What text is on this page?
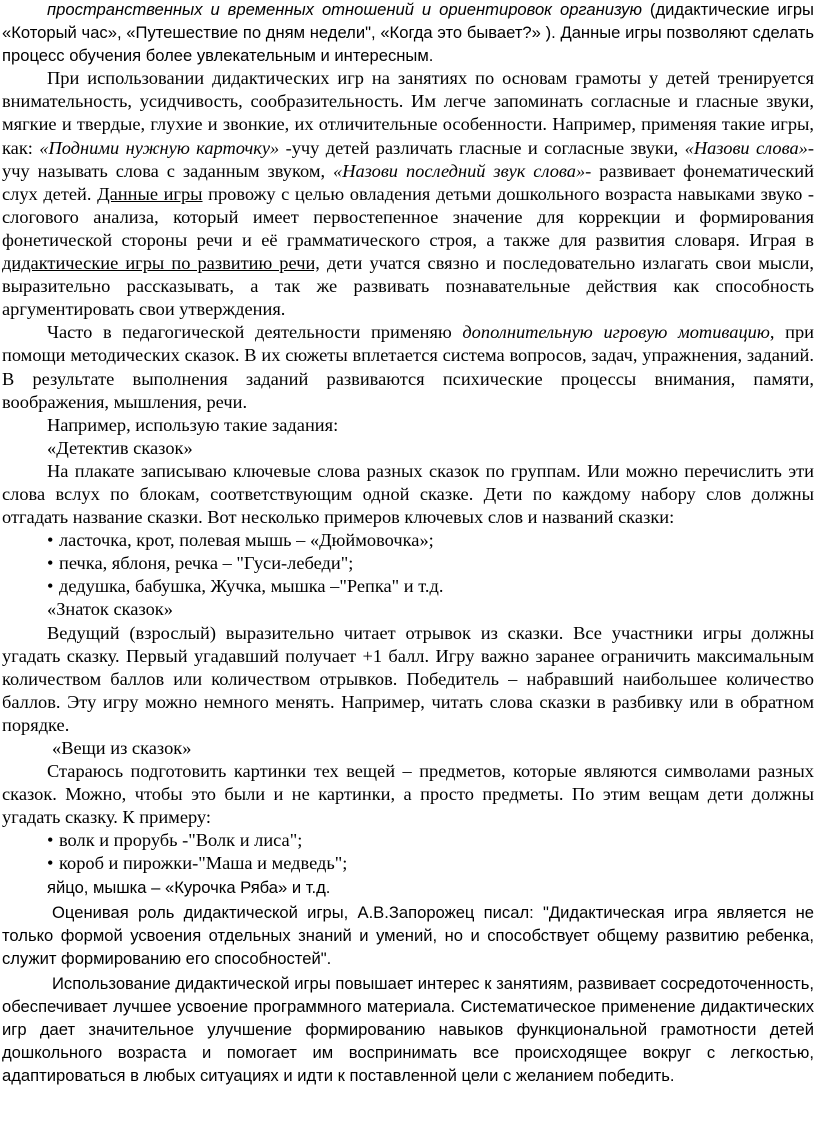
пространственных и временных отношений и ориентировок организую (дидактические игры «Который час», «Путешествие по дням недели", «Когда это бывает?» ). Данные игры позволяют сделать процесс обучения более увлекательным и интересным.

При использовании дидактических игр на занятиях по основам грамоты у детей тренируется внимательность, усидчивость, сообразительность. Им легче запоминать согласные и гласные звуки, мягкие и твердые, глухие и звонкие, их отличительные особенности. Например, применяя такие игры, как: «Подними нужную карточку» -учу детей различать гласные и согласные звуки, «Назови слова»- учу называть слова с заданным звуком, «Назови последний звук слова»- развивает фонематический слух детей. Данные игры провожу с целью овладения детьми дошкольного возраста навыками звуко - слогового анализа, который имеет первостепенное значение для коррекции и формирования фонетической стороны речи и её грамматического строя, а также для развития словаря. Играя в дидактические игры по развитию речи, дети учатся связно и последовательно излагать свои мысли, выразительно рассказывать, а так же развивать познавательные действия как способность аргументировать свои утверждения.

Часто в педагогической деятельности применяю дополнительную игровую мотивацию, при помощи методических сказок. В их сюжеты вплетается система вопросов, задач, упражнения, заданий. В результате выполнения заданий развиваются психические процессы внимания, памяти, воображения, мышления, речи.

Например, использую такие задания:

«Детектив сказок»

На плакате записываю ключевые слова разных сказок по группам. Или можно перечислить эти слова вслух по блокам, соответствующим одной сказке. Дети по каждому набору слов должны отгадать название сказки. Вот несколько примеров ключевых слов и названий сказки:

• ласточка, крот, полевая мышь – «Дюймовочка»;

• печка, яблоня, речка – "Гуси-лебеди";

• дедушка, бабушка, Жучка, мышка –"Репка" и т.д.

«Знаток сказок»

Ведущий (взрослый) выразительно читает отрывок из сказки. Все участники игры должны угадать сказку. Первый угадавший получает +1 балл. Игру важно заранее ограничить максимальным количеством баллов или количеством отрывков. Победитель – набравший наибольшее количество баллов. Эту игру можно немного менять. Например, читать слова сказки в разбивку или в обратном порядке.

«Вещи из сказок»

Стараюсь подготовить картинки тех вещей – предметов, которые являются символами разных сказок. Можно, чтобы это были и не картинки, а просто предметы. По этим вещам дети должны угадать сказку. К примеру:

• волк и прорубь -"Волк и лиса";

• короб и пирожки-"Маша и медведь";

яйцо, мышка – «Курочка Ряба» и т.д.

Оценивая роль дидактической игры, А.В.Запорожец писал: "Дидактическая игра является не только формой усвоения отдельных знаний и умений, но и способствует общему развитию ребенка, служит формированию его способностей".

Использование дидактической игры повышает интерес к занятиям, развивает сосредоточенность, обеспечивает лучшее усвоение программного материала. Систематическое применение дидактических игр дает значительное улучшение формированию навыков функциональной грамотности детей дошкольного возраста и помогает им воспринимать все происходящее вокруг с легкостью, адаптироваться в любых ситуациях и идти к поставленной цели с желанием победить.
